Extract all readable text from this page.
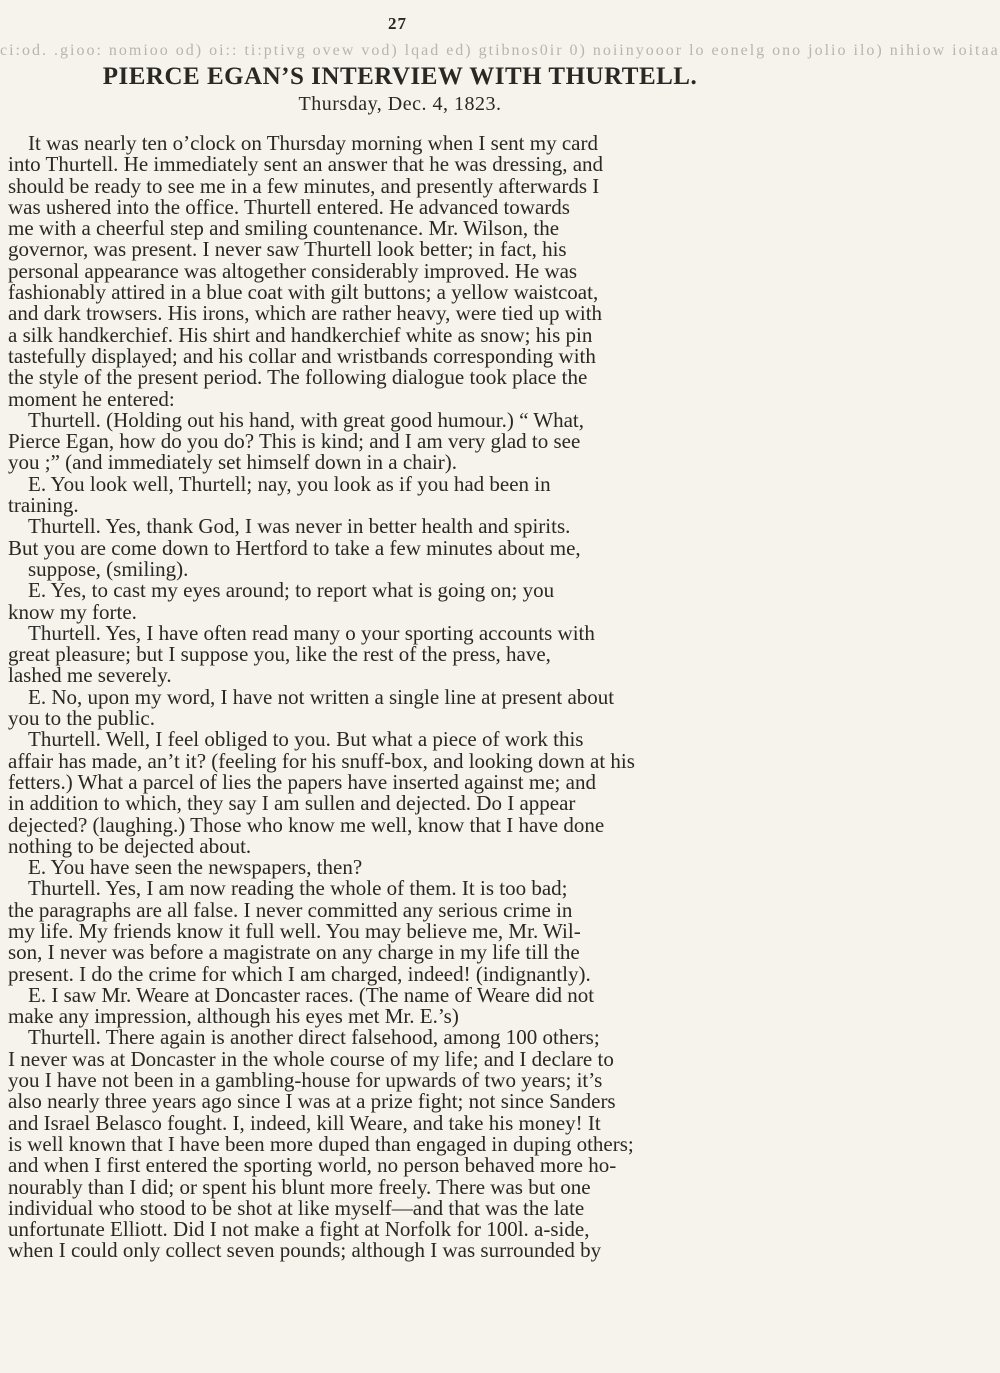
27
ci:od. .gioo: nomioo od) oi:: ti:ptivg ovew vod) lqad ed) gtibnos0ir 0) noiinyooor lo eonelg ono jolio ilo) nihiow ioitaa
PIERCE EGAN’S INTERVIEW WITH THURTELL.
Thursday, Dec. 4, 1823.
It was nearly ten o’clock on Thursday morning when I sent my card
into Thurtell. He immediately sent an answer that he was dressing, and
should be ready to see me in a few minutes, and presently afterwards I
was ushered into the office. Thurtell entered. He advanced towards
me with a cheerful step and smiling countenance. Mr. Wilson, the
governor, was present. I never saw Thurtell look better; in fact, his
personal appearance was altogether considerably improved. He was
fashionably attired in a blue coat with gilt buttons; a yellow waistcoat,
and dark trowsers. His irons, which are rather heavy, were tied up with
a silk handkerchief. His shirt and handkerchief white as snow; his pin
tastefully displayed; and his collar and wristbands corresponding with
the style of the present period. The following dialogue took place the
moment he entered:
Thurtell. (Holding out his hand, with great good humour.) “ What,
Pierce Egan, how do you do? This is kind; and I am very glad to see
you ;” (and immediately set himself down in a chair).
E. You look well, Thurtell; nay, you look as if you had been in
training.
Thurtell. Yes, thank God, I was never in better health and spirits.
But you are come down to Hertford to take a few minutes about me,
suppose, (smiling).
E. Yes, to cast my eyes around; to report what is going on; you
know my forte.
Thurtell. Yes, I have often read many o your sporting accounts with
great pleasure; but I suppose you, like the rest of the press, have,
lashed me severely.
E. No, upon my word, I have not written a single line at present about
you to the public.
Thurtell. Well, I feel obliged to you. But what a piece of work this
affair has made, an’t it? (feeling for his snuff-box, and looking down at his
fetters.) What a parcel of lies the papers have inserted against me; and
in addition to which, they say I am sullen and dejected. Do I appear
dejected? (laughing.) Those who know me well, know that I have done
nothing to be dejected about.
E. You have seen the newspapers, then?
Thurtell. Yes, I am now reading the whole of them. It is too bad;
the paragraphs are all false. I never committed any serious crime in
my life. My friends know it full well. You may believe me, Mr. Wil-
son, I never was before a magistrate on any charge in my life till the
present. I do the crime for which I am charged, indeed! (indignantly).
E. I saw Mr. Weare at Doncaster races. (The name of Weare did not
make any impression, although his eyes met Mr. E.’s)
Thurtell. There again is another direct falsehood, among 100 others;
I never was at Doncaster in the whole course of my life; and I declare to
you I have not been in a gambling-house for upwards of two years; it’s
also nearly three years ago since I was at a prize fight; not since Sanders
and Israel Belasco fought. I, indeed, kill Weare, and take his money! It
is well known that I have been more duped than engaged in duping others;
and when I first entered the sporting world, no person behaved more ho-
nourably than I did; or spent his blunt more freely. There was but one
individual who stood to be shot at like myself—and that was the late
unfortunate Elliott. Did I not make a fight at Norfolk for 100l. a-side,
when I could only collect seven pounds; although I was surrounded by
